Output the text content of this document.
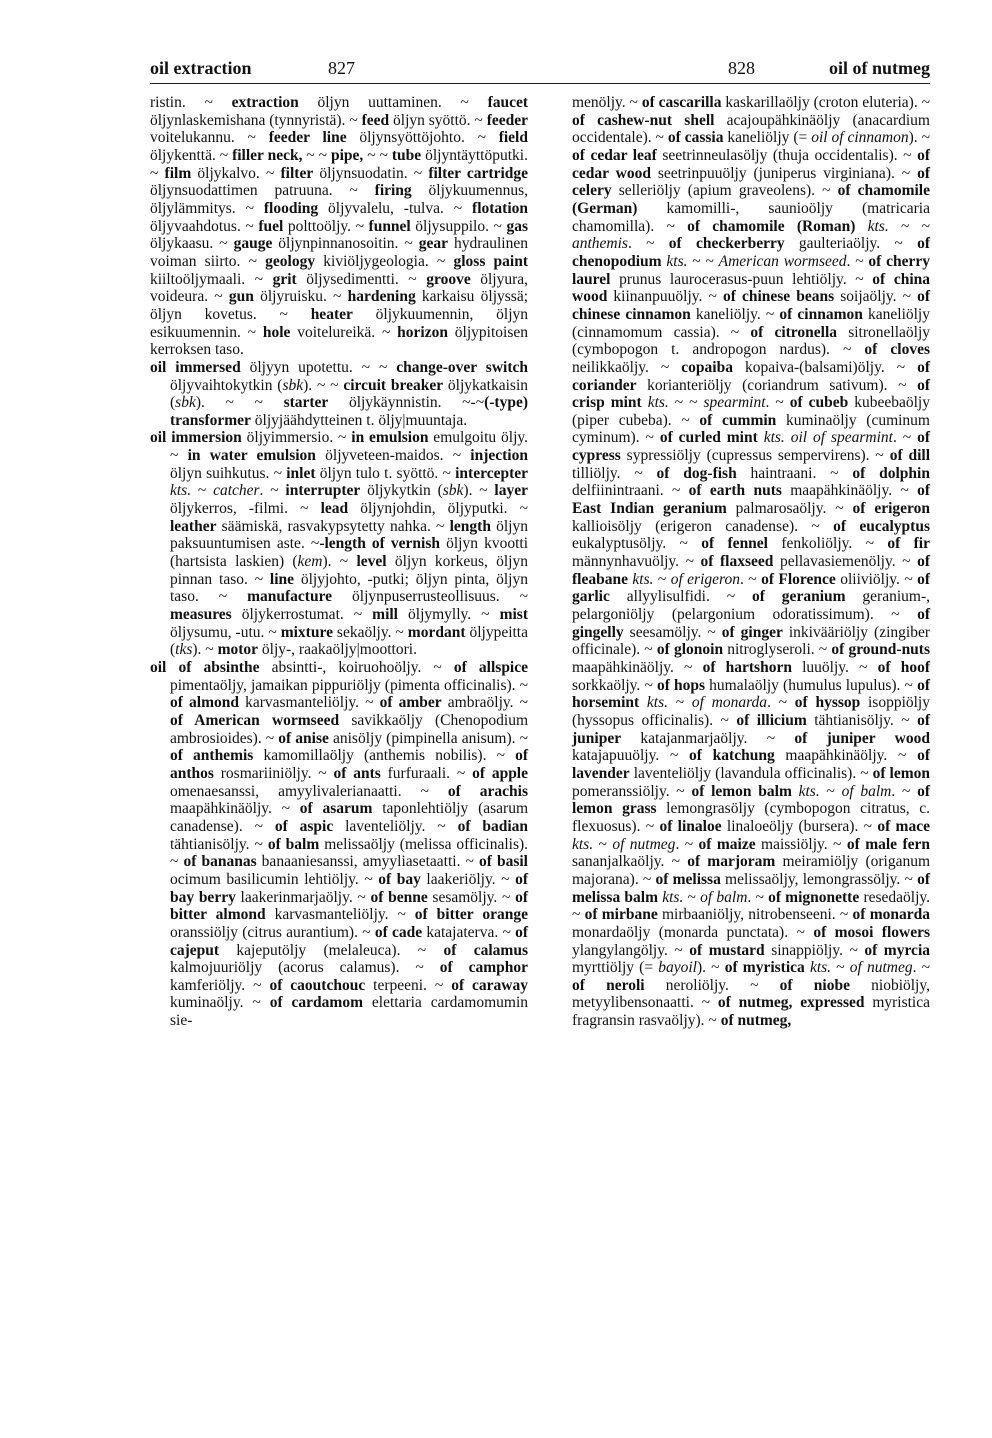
oil extraction	827	828	oil of nutmeg

ristin. ~ extraction öljyn uuttaminen. ~ faucet öljynlaskemishana (tynnyristä). ~ feed öljyn syöttö. ~ feeder voitelukannu. ~ feeder line öljynsyöttöjohto. ~ field öljykenttä. ~ filler neck, ~ ~ pipe, ~ ~ tube öljyntäyttöputki. ~ film öljykalvo. ~ filter öljynsuodatin. ~ filter cartridge öljynsuodattimen patruuna. ~ firing öljykuumennus, öljylämmitys. ~ flooding öljyvalelu, -tulva. ~ flotation öljyvaahdotus. ~ fuel polttoöljy. ~ funnel öljysuppilo. ~ gas öljykaasu. ~ gauge öljynpinnanosoitin. ~ gear hydraulinen voiman siirto. ~ geology kiviöljygeologia. ~ gloss paint kiiltoöljymaali. ~ grit öljysedimentti. ~ groove öljyura, voideura. ~ gun öljyruisku. ~ hardening karkaisu öljyssä; öljyn kovetus. ~ heater öljykuumennin, öljyn esikuumennin. ~ hole voitelureikä. ~ horizon öljypitoisen kerroksen taso.

oil immersed öljyyn upotettu. ~ ~ change-over switch öljyvaihtokytkin (sbk). ~ ~ circuit breaker öljykatkaisin (sbk). ~ ~ starter öljykäynnistin. ~-~(-type) transformer öljyjäähdytteinen t. öljy|muuntaja.

oil immersion öljyimmersio. ~ in emulsion emulgoitu öljy. ~ in water emulsion öljyveteen-maidos. ~ injection öljyn suihkutus. ~ inlet öljyn tulo t. syöttö. ~ intercepter kts. ~ catcher. ~ interrupter öljykytkin (sbk). ~ layer öljykerros, -filmi. ~ lead öljynjohdin, öljyputki. ~ leather säämiskä, rasvakypsytetty nahka. ~ length öljyn paksuuntumisen aste. ~-length of vernish öljyn kvootti (hartsista laskien) (kem). ~ level öljyn korkeus, öljyn pinnan taso. ~ line öljyjohto, -putki; öljyn pinta, öljyn taso. ~ manufacture öljynpuserrusteollisuus. ~ measures öljykerrostumat. ~ mill öljymylly. ~ mist öljysumu, -utu. ~ mixture sekaöljy. ~ mordant öljypeitta (tks). ~ motor öljy-, raakaöljy|moottori.

oil of absinthe absintti-, koiruohoöljy. ~ of allspice pimentaöljy, jamaikan pippuriöljy (pimenta officinalis). ~ of almond karvasmanteliöljy. ~ of amber ambraöljy. ~ of American wormseed savikkaöljy (Chenopodium ambrosioides). ~ of anise anisöljy (pimpinella anisum). ~ of anthemis kamomillaöljy (anthemis nobilis). ~ of anthos rosmariiniöljy. ~ of ants furfuraali. ~ of apple omenaesanssi, amyylivalerianaatti. ~ of arachis maapähkinäöljy. ~ of asarum taponlehtiöljy (asarum canadense). ~ of aspic laventeliöljy. ~ of badian tähtianisöljy. ~ of balm melissaöljy (melissa officinalis). ~ of bananas banaaniesanssi, amyyliasetaatti. ~ of basil ocimum basilicumin lehtiöljy. ~ of bay laakeriöljy. ~ of bay berry laakerinmarjaöljy. ~ of benne sesamöljy. ~ of bitter almond karvasmanteliöljy. ~ of bitter orange oranssiöljy (citrus aurantium). ~ of cade katajaterva. ~ of cajeput kajeputöljy (melaleuca). ~ of calamus kalmojuuriöljy (acorus calamus). ~ of camphor kamferiöljy. ~ of caoutchouc terpeeni. ~ of caraway kuminaöljy. ~ of cardamom elettaria cardamomumin sie-

menöljy. ~ of cascarilla kaskarillaöljy (croton eluteria). ~ of cashew-nut shell acajoupähkinäöljy (anacardium occidentale). ~ of cassia kaneliöljy (= oil of cinnamon). ~ of cedar leaf seetrinneulasöljy (thuja occidentalis). ~ of cedar wood seetrinpuuöljy (juniperus virginiana). ~ of celery selleriöljy (apium graveolens). ~ of chamomile (German) kamomilli-, saunioöljy (matricaria chamomilla). ~ of chamomile (Roman) kts. ~ ~ anthemis. ~ of checkerberry gaulteriaöljy. ~ of chenopodium kts. ~ ~ American wormseed. ~ of cherry laurel prunus laurocerasus-puun lehtiöljy. ~ of china wood kiinanpuuöljy. ~ of chinese beans soijaöljy. ~ of chinese cinnamon kaneliöljy. ~ of cinnamon kaneliöljy (cinnamomum cassia). ~ of citronella sitronellaöljy (cymbopogon t. andropogon nardus). ~ of cloves neilikkaöljy. ~ copaiba kopaiva-(balsami)öljy. ~ of coriander korianteriöljy (coriandrum sativum). ~ of crisp mint kts. ~ ~ spearmint. ~ of cubeb kubeebaöljy (piper cubeba). ~ of cummin kuminaöljy (cuminum cyminum). ~ of curled mint kts. oil of spearmint. ~ of cypress sypressiöljy (cupressus sempervirens). ~ of dill tilliöljy. ~ of dog-fish haintraani. ~ of dolphin delfiinintraani. ~ of earth nuts maapähkinäöljy. ~ of East Indian geranium palmarosaöljy. ~ of erigeron kallioisöljy (erigeron canadense). ~ of eucalyptus eukalyptusöljy. ~ of fennel fenkoliöljy. ~ of fir männynhavuöljy. ~ of flaxseed pellavasiemenöljy. ~ of fleabane kts. ~ of erigeron. ~ of Florence oliiviöljy. ~ of garlic allyylisulfidi. ~ of geranium geranium-, pelargoniöljy (pelargonium odoratissimum). ~ of gingelly seesamöljy. ~ of ginger inkivääriöljy (zingiber officinale). ~ of glonoin nitroglyseroli. ~ of ground-nuts maapähkinäöljy. ~ of hartshorn luuöljy. ~ of hoof sorkkaöljy. ~ of hops humalaöljy (humulus lupulus). ~ of horsemint kts. ~ of monarda. ~ of hyssop isoppiöljy (hyssopus officinalis). ~ of illicium tähtianisöljy. ~ of juniper katajanmarjaöljy. ~ of juniper wood katajapuuöljy. ~ of katchung maapähkinäöljy. ~ of lavender laventeliöljy (lavandula officinalis). ~ of lemon pomeranssiöljy. ~ of lemon balm kts. ~ of balm. ~ of lemon grass lemongrasöljy (cymbopogon citratus, c. flexuosus). ~ of linaloe linaloeöljy (bursera). ~ of mace kts. ~ of nutmeg. ~ of maize maissiöljy. ~ of male fern sananjalkaöljy. ~ of marjoram meiramiöljy (origanum majorana). ~ of melissa melissaöljy, lemongrassöljy. ~ of melissa balm kts. ~ of balm. ~ of mignonette resedaöljy. ~ of mirbane mirbaaniöljy, nitrobenseeni. ~ of monarda monardaöljy (monarda punctata). ~ of mosoi flowers ylangylangöljy. ~ of mustard sinappiöljy. ~ of myrcia myrttiöljy (= bayoil). ~ of myristica kts. ~ of nutmeg. ~ of neroli neroliöljy. ~ of niobe niobiöljy, metyylibensonaatti. ~ of nutmeg, expressed myristica fragransin rasvaöljy). ~ of nutmeg,
